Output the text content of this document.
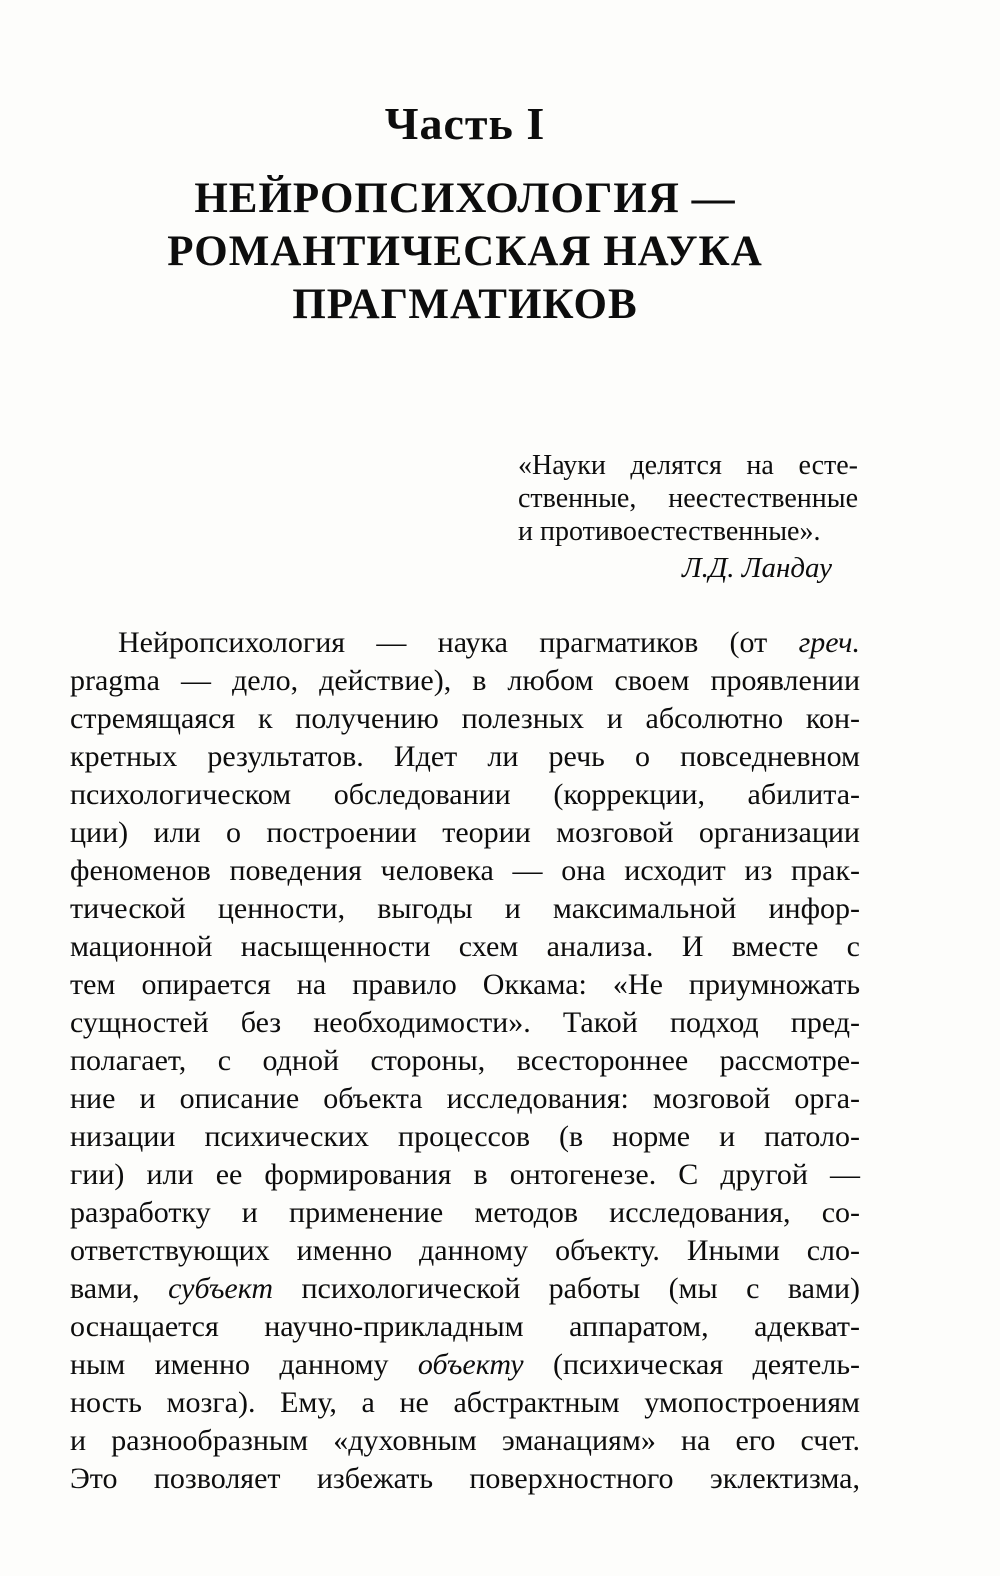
Часть I
НЕЙРОПСИХОЛОГИЯ —
РОМАНТИЧЕСКАЯ НАУКА
ПРАГМАТИКОВ
«Науки делятся на есте-
ственные, неестественные
и противоестественные».
Л.Д. Ландау
Нейропсихология — наука прагматиков (от греч.
pragma — дело, действие), в любом своем проявлении
стремящаяся к получению полезных и абсолютно кон-
кретных результатов. Идет ли речь о повседневном
психологическом обследовании (коррекции, абилита-
ции) или о построении теории мозговой организации
феноменов поведения человека — она исходит из прак-
тической ценности, выгоды и максимальной инфор-
мационной насыщенности схем анализа. И вместе с
тем опирается на правило Оккама: «Не приумножать
сущностей без необходимости». Такой подход пред-
полагает, с одной стороны, всестороннее рассмотре-
ние и описание объекта исследования: мозговой орга-
низации психических процессов (в норме и патоло-
гии) или ее формирования в онтогенезе. С другой —
разработку и применение методов исследования, со-
ответствующих именно данному объекту. Иными сло-
вами, субъект психологической работы (мы с вами)
оснащается научно-прикладным аппаратом, адекват-
ным именно данному объекту (психическая деятель-
ность мозга). Ему, а не абстрактным умопостроениям
и разнообразным «духовным эманациям» на его счет.
Это позволяет избежать поверхностного эклектизма,
